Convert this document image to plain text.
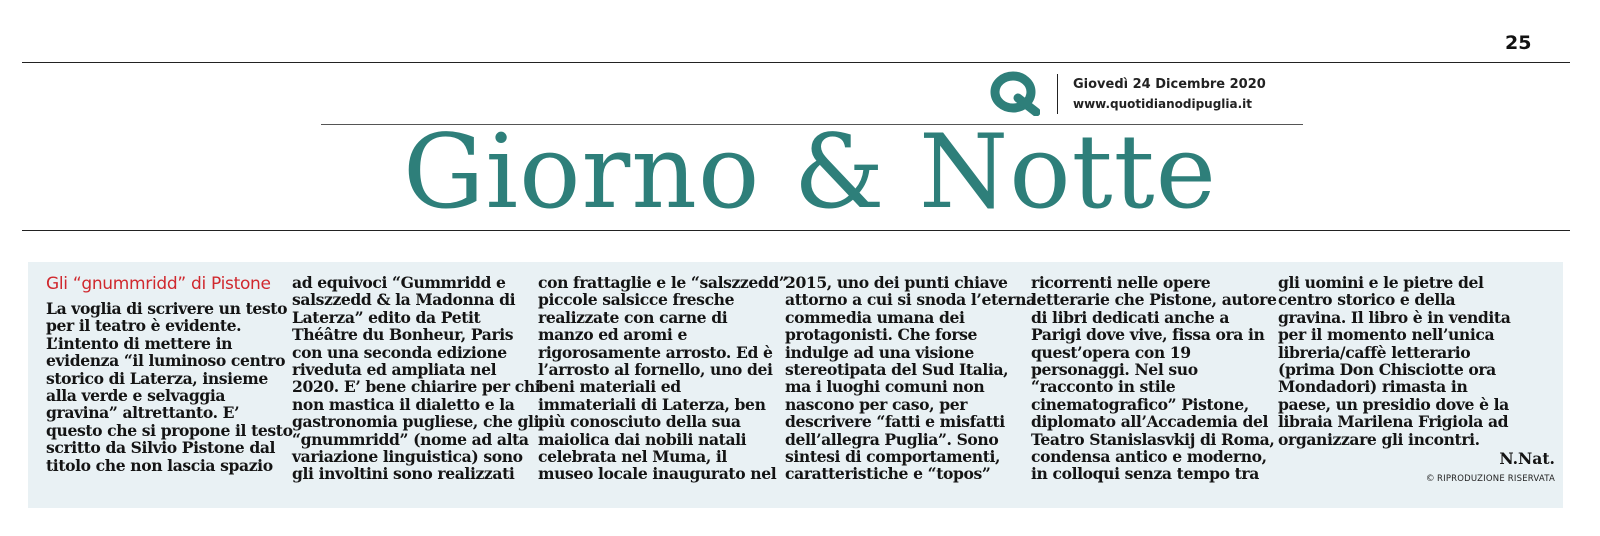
25
Giovedì 24 Dicembre 2020
www.quotidianodipuglia.it
Giorno & Notte
Gli “gnummridd” di Pistone
La voglia di scrivere un testo
per il teatro è evidente.
L’intento di mettere in
evidenza “il luminoso centro
storico di Laterza, insieme
alla verde e selvaggia
gravina” altrettanto. E’
questo che si propone il testo
scritto da Silvio Pistone dal
titolo che non lascia spazio
ad equivoci “Gummridd e
salszzedd & la Madonna di
Laterza” edito da Petit
Théâtre du Bonheur, Paris
con una seconda edizione
riveduta ed ampliata nel
2020. E’ bene chiarire per chi
non mastica il dialetto e la
gastronomia pugliese, che gli
“gnummridd” (nome ad alta
variazione linguistica) sono
gli involtini sono realizzati
con frattaglie e le “salszzedd”
piccole salsicce fresche
realizzate con carne di
manzo ed aromi e
rigorosamente arrosto. Ed è
l’arrosto al fornello, uno dei
beni materiali ed
immateriali di Laterza, ben
più conosciuto della sua
maiolica dai nobili natali
celebrata nel Muma, il
museo locale inaugurato nel
2015, uno dei punti chiave
attorno a cui si snoda l’eterna
commedia umana dei
protagonisti. Che forse
indulge ad una visione
stereotipata del Sud Italia,
ma i luoghi comuni non
nascono per caso, per
descrivere “fatti e misfatti
dell’allegra Puglia”. Sono
sintesi di comportamenti,
caratteristiche e “topos”
ricorrenti nelle opere
letterarie che Pistone, autore
di libri dedicati anche a
Parigi dove vive, fissa ora in
quest’opera con 19
personaggi. Nel suo
“racconto in stile
cinematografico” Pistone,
diplomato all’Accademia del
Teatro Stanislasvkij di Roma,
condensa antico e moderno,
in colloqui senza tempo tra
gli uomini e le pietre del
centro storico e della
gravina. Il libro è in vendita
per il momento nell’unica
libreria/caffè letterario
(prima Don Chisciotte ora
Mondadori) rimasta in
paese, un presidio dove è la
libraia Marilena Frigiola ad
organizzare gli incontri.
N.Nat.
© RIPRODUZIONE RISERVATA
